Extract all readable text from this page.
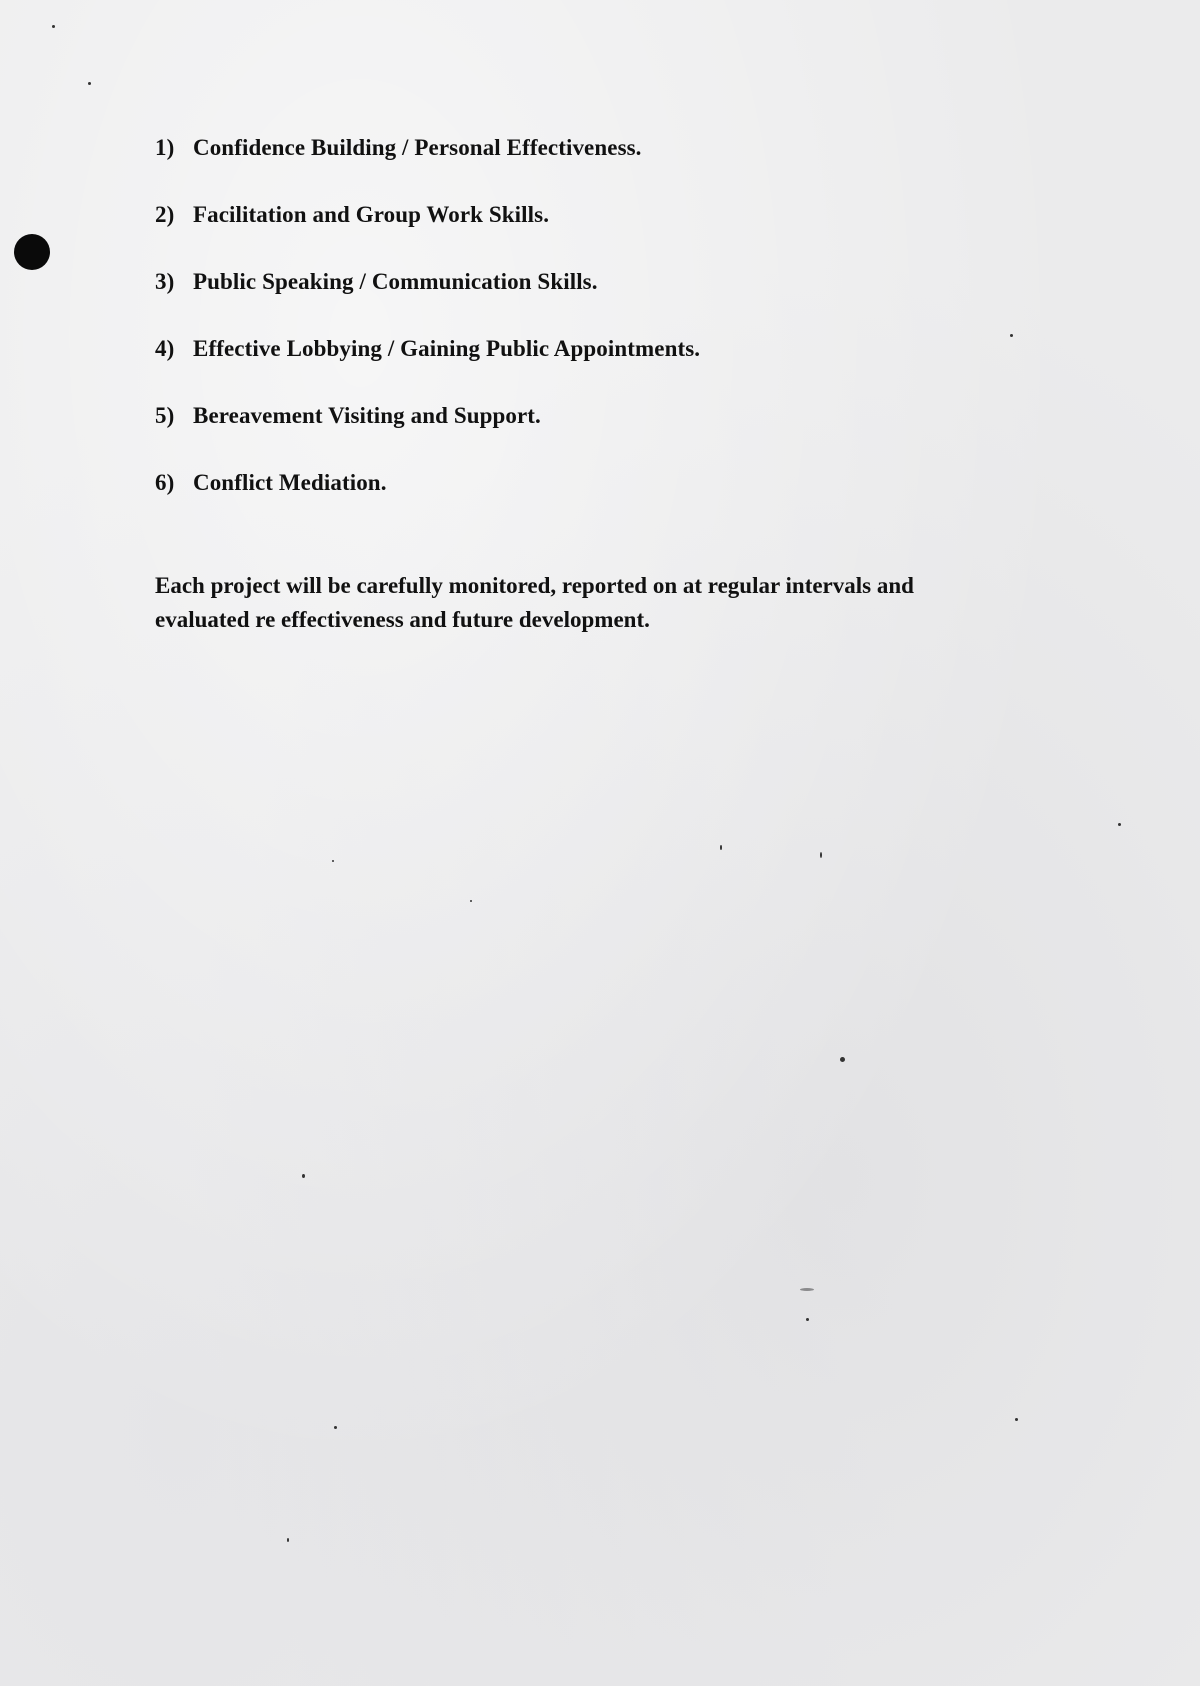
1) Confidence Building / Personal Effectiveness.
2) Facilitation and Group Work Skills.
3) Public Speaking / Communication Skills.
4) Effective Lobbying / Gaining Public Appointments.
5) Bereavement Visiting and Support.
6) Conflict Mediation.

Each project will be carefully monitored, reported on at regular intervals and evaluated re effectiveness and future development.
